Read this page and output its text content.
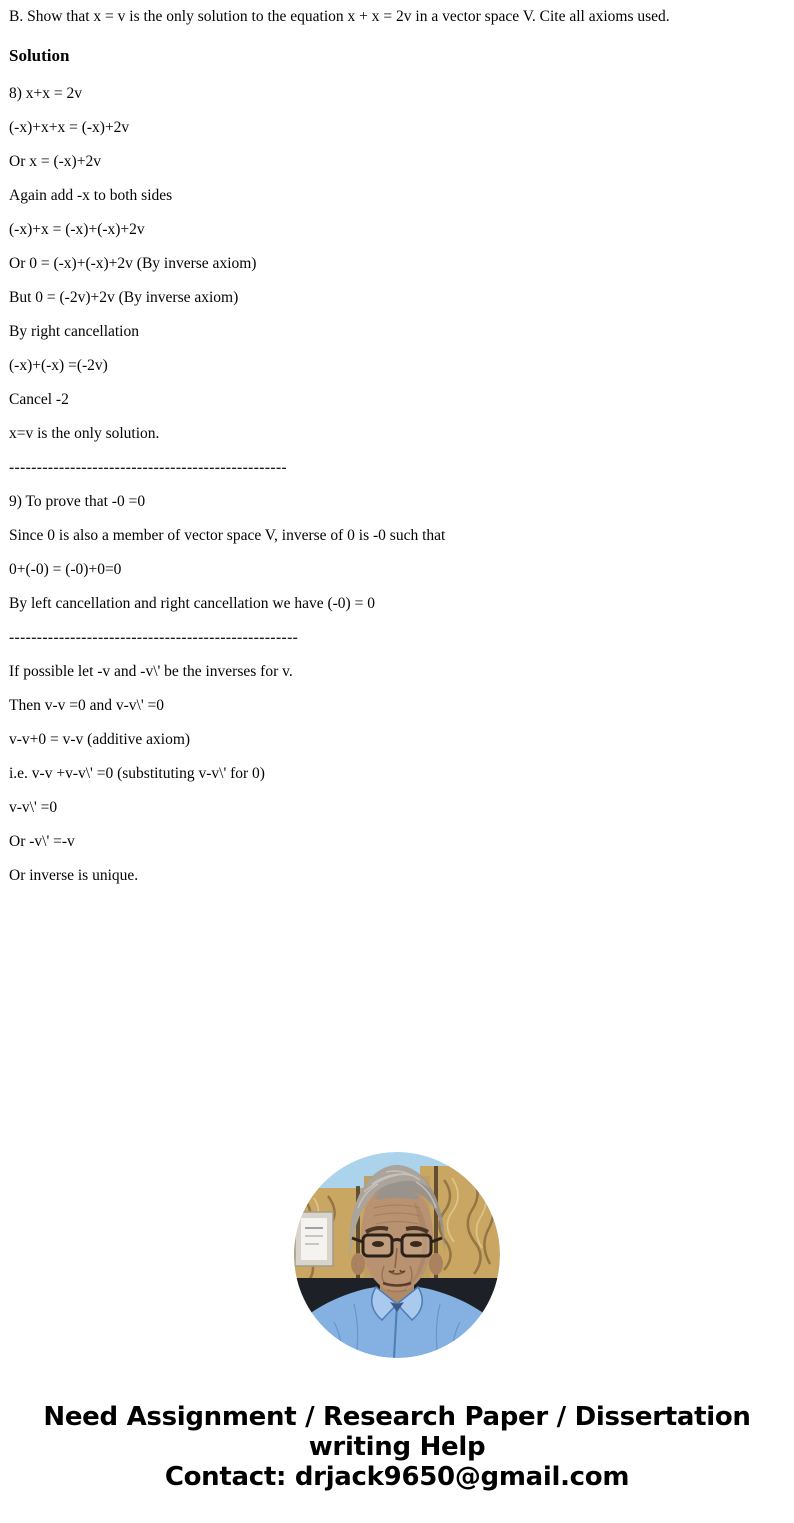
B. Show that x = v is the only solution to the equation x + x = 2v in a vector space V. Cite all axioms used.

Solution

8) x+x = 2v

(-x)+x+x = (-x)+2v

Or x = (-x)+2v

Again add -x to both sides

(-x)+x = (-x)+(-x)+2v

Or 0 = (-x)+(-x)+2v (By inverse axiom)

But 0 = (-2v)+2v (By inverse axiom)

By right cancellation

(-x)+(-x) =(-2v)

Cancel -2

x=v is the only solution.

--------------------------------------------------

9) To prove that -0 =0

Since 0 is also a member of vector space V, inverse of 0 is -0 such that

0+(-0) = (-0)+0=0

By left cancellation and right cancellation we have (-0) = 0

----------------------------------------------------

If possible let -v and -v\' be the inverses for v.

Then v-v =0 and v-v\' =0

v-v+0 = v-v (additive axiom)

i.e. v-v +v-v\' =0 (substituting v-v\' for 0)

v-v\' =0

Or -v\' =-v

Or inverse is unique.

Need Assignment / Research Paper / Dissertation
writing Help
Contact: drjack9650@gmail.com
